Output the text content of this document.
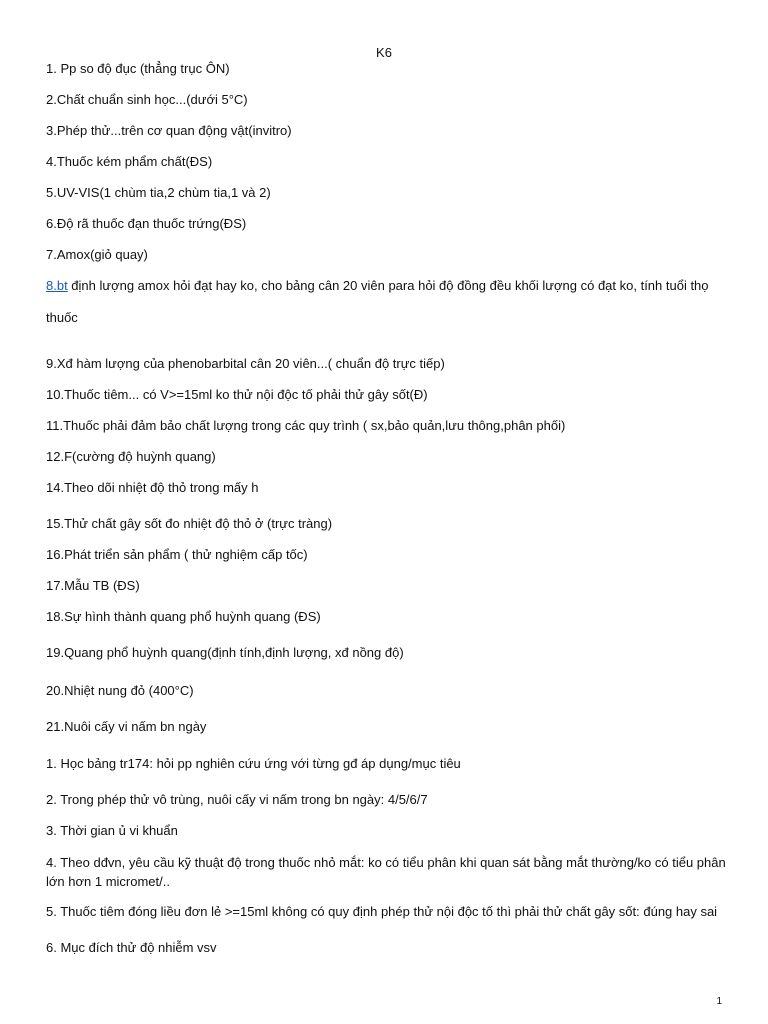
K6
1. Pp so độ đục (thẳng trục ÔN)
2.Chất chuẩn sinh học...(dưới 5°C)
3.Phép thử...trên cơ quan động vật(invitro)
4.Thuốc kém phẩm chất(ĐS)
5.UV-VIS(1 chùm tia,2 chùm tia,1 và 2)
6.Độ rã thuốc đạn thuốc trứng(ĐS)
7.Amox(giỏ quay)
8.bt định lượng amox hỏi đạt hay ko, cho bảng cân 20 viên para hỏi độ đồng đều khối lượng có đạt ko, tính tuổi thọ
thuốc
9.Xđ hàm lượng của phenobarbital cân 20 viên...( chuẩn độ trực tiếp)
10.Thuốc tiêm... có V>=15ml ko thử nội độc tố phải thử gây sốt(Đ)
11.Thuốc phải đảm bảo chất lượng trong các quy trình ( sx,bảo quản,lưu thông,phân phối)
12.F(cường độ huỳnh quang)
14.Theo dõi nhiệt độ thỏ trong mấy h
15.Thử chất gây sốt đo nhiệt độ thỏ ở (trực tràng)
16.Phát triển sản phẩm ( thử nghiệm cấp tốc)
17.Mẫu TB (ĐS)
18.Sự hình thành quang phổ huỳnh quang (ĐS)
19.Quang phổ huỳnh quang(định tính,định lượng, xđ nồng độ)
20.Nhiệt nung đỏ (400°C)
21.Nuôi cấy vi nấm bn ngày
1. Học bảng tr174: hỏi pp nghiên cứu ứng với từng gđ áp dụng/mục tiêu
2. Trong phép thử vô trùng, nuôi cấy vi nấm trong bn ngày: 4/5/6/7
3. Thời gian ủ vi khuẩn
4. Theo dđvn, yêu cầu kỹ thuật độ trong thuốc nhỏ mắt: ko có tiểu phân khi quan sát bằng mắt thường/ko có tiểu phân lớn hơn 1 micromet/..
5. Thuốc tiêm đóng liều đơn lẻ >=15ml không có quy định phép thử nội độc tố thì phải thử chất gây sốt: đúng hay sai
6. Mục đích thử độ nhiễm vsv
1
